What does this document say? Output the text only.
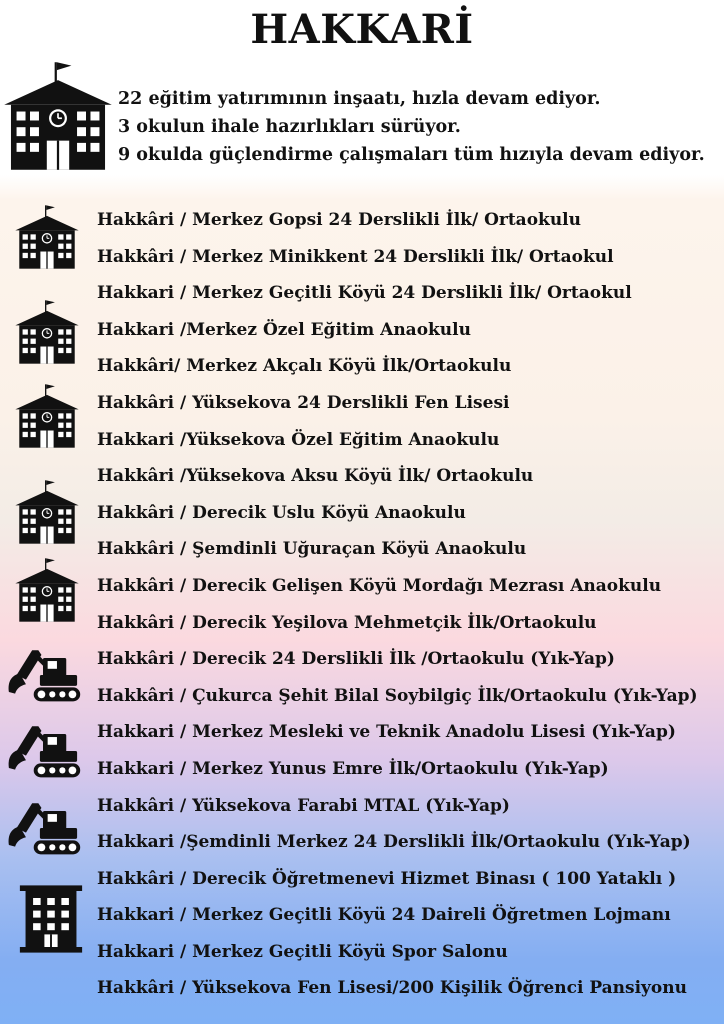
HAKKARİ
22 eğitim yatırımının inşaatı, hızla devam ediyor.
3 okulun ihale hazırlıkları sürüyor.
9 okulda güçlendirme çalışmaları tüm hızıyla devam ediyor.
Hakkâri / Merkez Gopsi 24 Derslikli İlk/ Ortaokulu
Hakkâri / Merkez Minikkent 24 Derslikli İlk/ Ortaokul
Hakkari / Merkez Geçitli Köyü 24 Derslikli İlk/ Ortaokul
Hakkari /Merkez Özel Eğitim Anaokulu
Hakkâri/ Merkez Akçalı Köyü İlk/Ortaokulu
Hakkâri / Yüksekova 24 Derslikli Fen Lisesi
Hakkari /Yüksekova Özel Eğitim Anaokulu
Hakkâri /Yüksekova Aksu Köyü İlk/ Ortaokulu
Hakkâri / Derecik Uslu Köyü Anaokulu
Hakkâri / Şemdinli Uğuraçan Köyü Anaokulu
Hakkâri / Derecik Gelişen Köyü Mordağı Mezrası Anaokulu
Hakkâri / Derecik Yeşilova Mehmetçik İlk/Ortaokulu
Hakkâri / Derecik 24 Derslikli İlk /Ortaokulu (Yık-Yap)
Hakkâri / Çukurca Şehit Bilal Soybilgiç İlk/Ortaokulu (Yık-Yap)
Hakkari / Merkez Mesleki ve Teknik Anadolu Lisesi (Yık-Yap)
Hakkari / Merkez Yunus Emre İlk/Ortaokulu (Yık-Yap)
Hakkâri / Yüksekova Farabi MTAL (Yık-Yap)
Hakkari /Şemdinli Merkez 24 Derslikli İlk/Ortaokulu (Yık-Yap)
Hakkâri / Derecik Öğretmenevi Hizmet Binası ( 100 Yataklı )
Hakkari / Merkez Geçitli Köyü 24 Daireli Öğretmen Lojmanı
Hakkari / Merkez Geçitli Köyü Spor Salonu
Hakkâri / Yüksekova Fen Lisesi/200 Kişilik Öğrenci Pansiyonu
